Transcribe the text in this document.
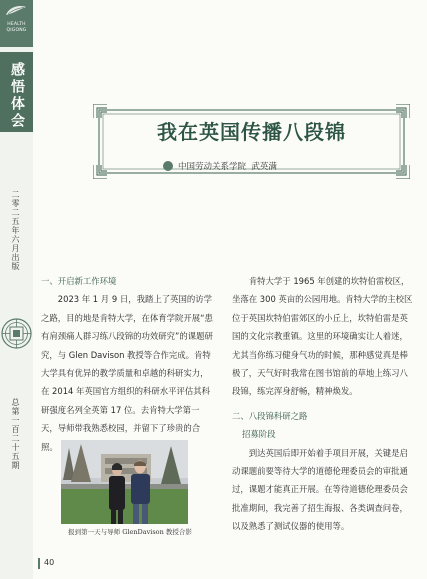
HEALTH
QIGONG
感悟体会
二零二五年六月出版
总第一百二十五期
我在英国传播八段锦
中国劳动关系学院  武英满
一、开启新工作环境
2023 年 1 月 9 日，我踏上了英国的访学之路，目的地是肯特大学，在体育学院开展“患有肩颈痛人群习练八段锦的功效研究”的课题研究，与 Glen Davison 教授等合作完成。肯特大学具有优异的教学质量和卓越的科研实力，在 2014 年英国官方组织的科研水平评估其科研强度名列全英第 17 位。去肯特大学第一天，导师带我熟悉校园，并留下了珍贵的合照。
报到第一天与导师 GlenDavison 教授合影
肯特大学于 1965 年创建的坎特伯雷校区，坐落在 300 英亩的公园用地。肯特大学的主校区位于英国坎特伯雷郊区的小丘上，坎特伯雷是英国的文化宗教重镇。这里的环境确实让人着迷，尤其当你练习健身气功的时候，那种感觉真是棒极了，天气好时我常在图书馆前的草地上练习八段锦，练完浑身舒畅，精神焕发。
二、八段锦科研之路
招募阶段
到达英国后即开始着手项目开展，关键是启动课题前要等待大学的道德伦理委员会的审批通过，课题才能真正开展。在等待道德伦理委员会批准期间，我完善了招生海报、各类调查问卷，以及熟悉了测试仪器的使用等。
40
